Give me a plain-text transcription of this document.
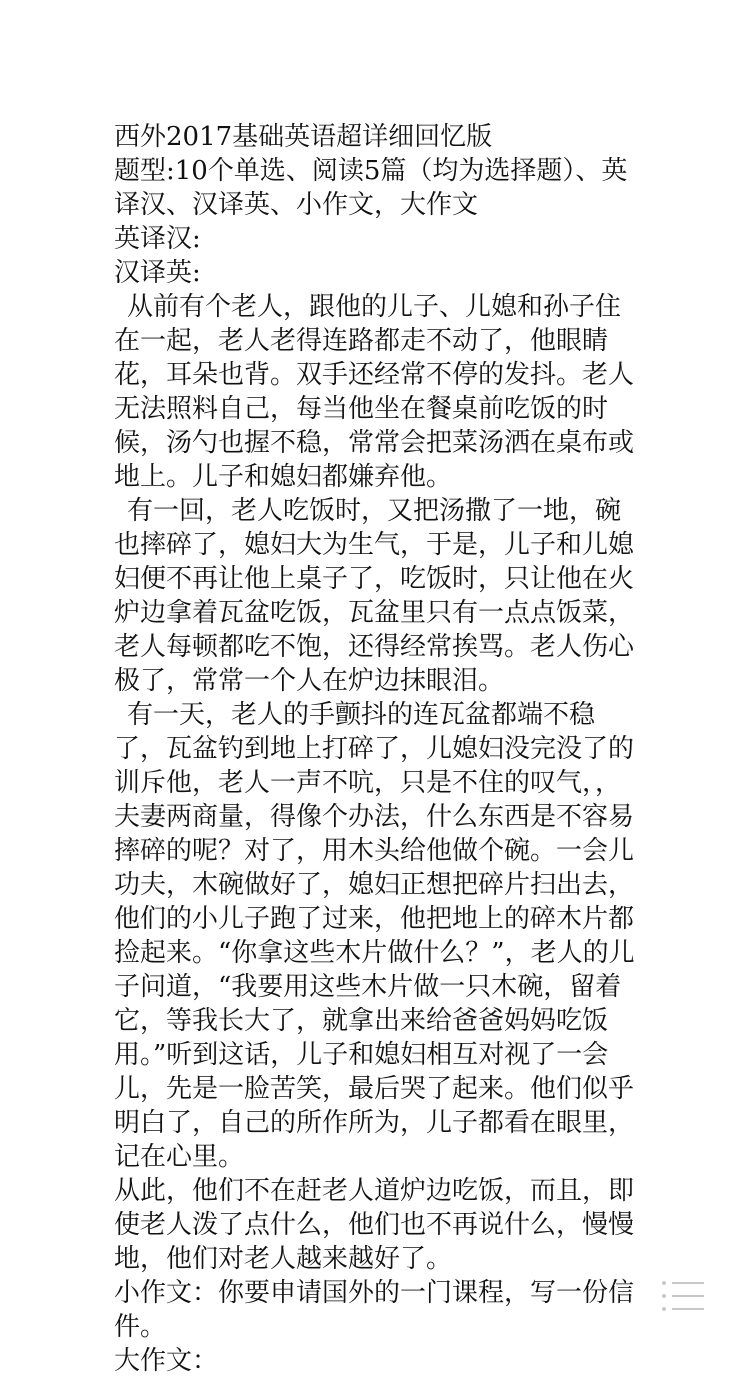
西外2017基础英语超详细回忆版

题型:10个单选、阅读5篇（均为选择题）、英译汉、汉译英、小作文，大作文

英译汉:

汉译英:

从前有个老人，跟他的儿子、儿媳和孙子住在一起，老人老得连路都走不动了，他眼睛花，耳朵也背。双手还经常不停的发抖。老人无法照料自己，每当他坐在餐桌前吃饭的时候，汤勺也握不稳，常常会把菜汤洒在桌布或地上。儿子和媳妇都嫌弃他。

有一回，老人吃饭时，又把汤撒了一地，碗也摔碎了，媳妇大为生气，于是，儿子和儿媳妇便不再让他上桌子了，吃饭时，只让他在火炉边拿着瓦盆吃饭，瓦盆里只有一点点饭菜，老人每顿都吃不饱，还得经常挨骂。老人伤心极了，常常一个人在炉边抹眼泪。

有一天，老人的手颤抖的连瓦盆都端不稳了，瓦盆钓到地上打碎了，儿媳妇没完没了的训斥他，老人一声不吭，只是不住的叹气，，夫妻两商量，得像个办法，什么东西是不容易摔碎的呢？对了，用木头给他做个碗。一会儿功夫，木碗做好了，媳妇正想把碎片扫出去，他们的小儿子跑了过来，他把地上的碎木片都捡起来。“你拿这些木片做什么？”，老人的儿子问道，“我要用这些木片做一只木碗，留着它，等我长大了，就拿出来给爸爸妈妈吃饭用。”听到这话，儿子和媳妇相互对视了一会儿，先是一脸苦笑，最后哭了起来。他们似乎明白了，自己的所作所为，儿子都看在眼里，记在心里。

从此，他们不在赶老人道炉边吃饭，而且，即使老人泼了点什么，他们也不再说什么，慢慢地，他们对老人越来越好了。

小作文：你要申请国外的一门课程，写一份信件。

大作文：
